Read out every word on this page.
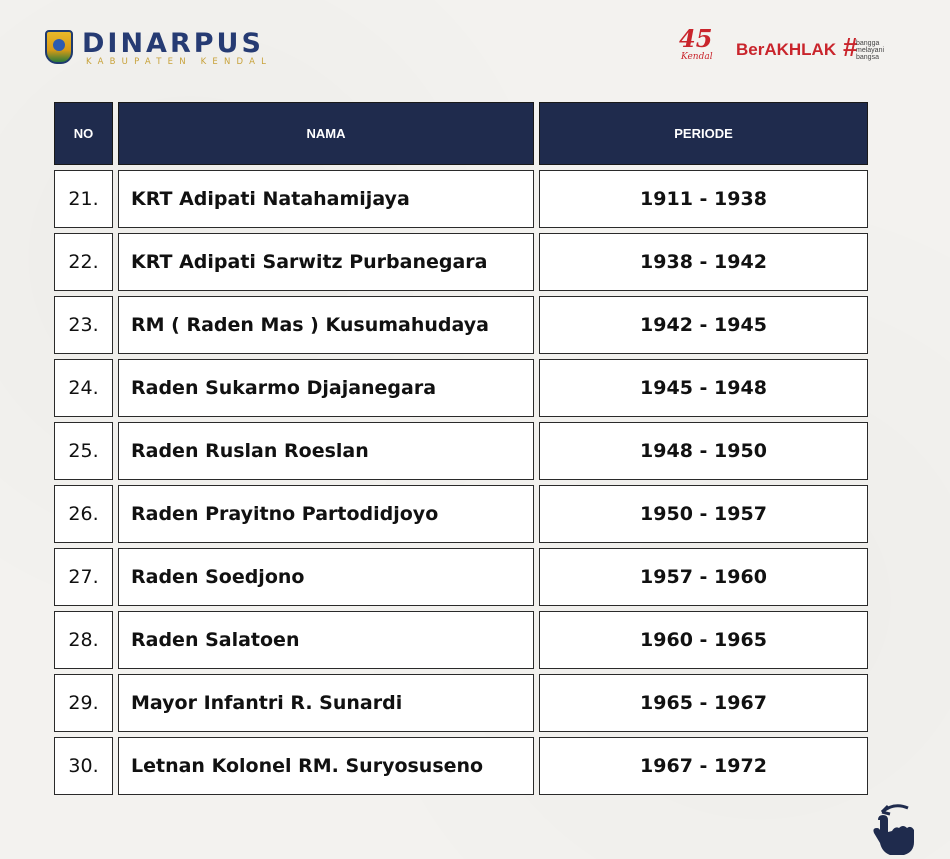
DINARPUS
KABUPATEN KENDAL
4​5
Kendal BerAKHLAK #
bangga
melayani
bangsa
NO	NAMA	PERIODE
21.	KRT Adipati Natahamijaya	1911 - 1938
22.	KRT Adipati Sarwitz Purbanegara	1938 - 1942
23.	RM ( Raden Mas ) Kusumahudaya	1942 - 1945
24.	Raden Sukarmo Djajanegara	1945 - 1948
25.	Raden Ruslan Roeslan	1948 - 1950
26.	Raden Prayitno Partodidjoyo	1950 - 1957
27.	Raden Soedjono	1957 - 1960
28.	Raden Salatoen	1960 - 1965
29.	Mayor Infantri R. Sunardi	1965 - 1967
30.	Letnan Kolonel RM. Suryosuseno	1967 - 1972
